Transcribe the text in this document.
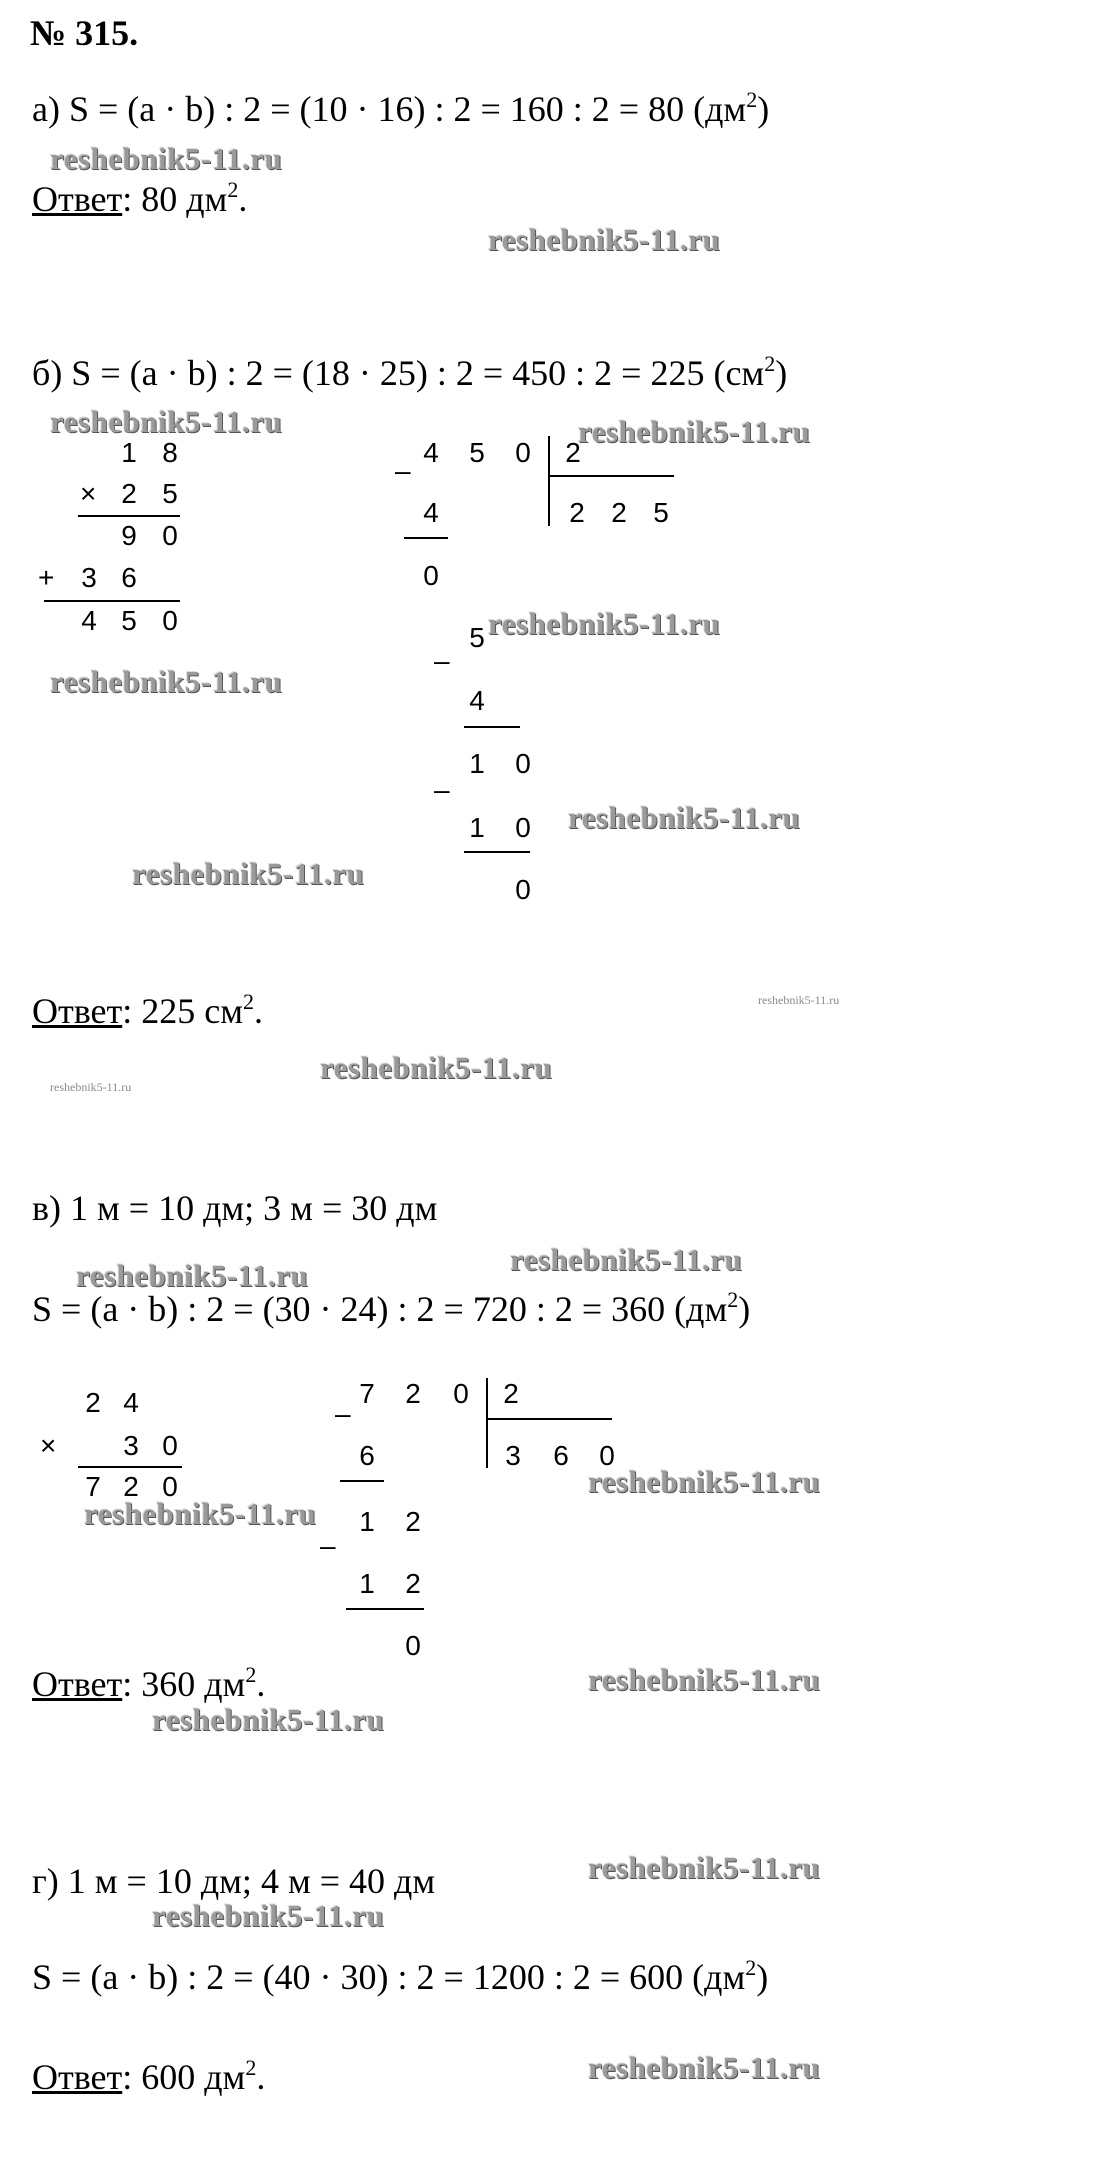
№ 315.
а) S = (a · b) : 2 = (10 · 16) : 2 = 160 : 2 = 80 $(дм^2)$
reshebnik5-11.ru
Ответ: 80 $дм^2$.
reshebnik5-11.ru
б) S = (a · b) : 2 = (18 · 25) : 2 = 450 : 2 = 225 $(см^2)$
reshebnik5-11.ru	reshebnik5-11.ru
1 8
× 2 5
9 0
+ 3 6
4 5 0
–
4 5 0 2
2 2 5
4
0
–
5
4
–
1 0
1 0
0
reshebnik5-11.ru
reshebnik5-11.ru
reshebnik5-11.ru
reshebnik5-11.ru
Ответ: 225 $см^2$.	reshebnik5-11.ru
reshebnik5-11.ru
reshebnik5-11.ru
в) 1 м = 10 дм; 3 м = 30 дм
reshebnik5-11.ru
reshebnik5-11.ru
S = (a · b) : 2 = (30 · 24) : 2 = 720 : 2 = 360 $(дм^2)$
2 4
× 3 0
7 2 0
–
7 2 0 2
3 6 0
6
–
1 2
1 2
0
reshebnik5-11.ru
reshebnik5-11.ru
Ответ: 360 $дм^2$.	reshebnik5-11.ru
reshebnik5-11.ru
г) 1 м = 10 дм; 4 м = 40 дм	reshebnik5-11.ru
reshebnik5-11.ru
S = (a · b) : 2 = (40 · 30) : 2 = 1200 : 2 = 600 $(дм^2)$
Ответ: 600 $дм^2$.	reshebnik5-11.ru
